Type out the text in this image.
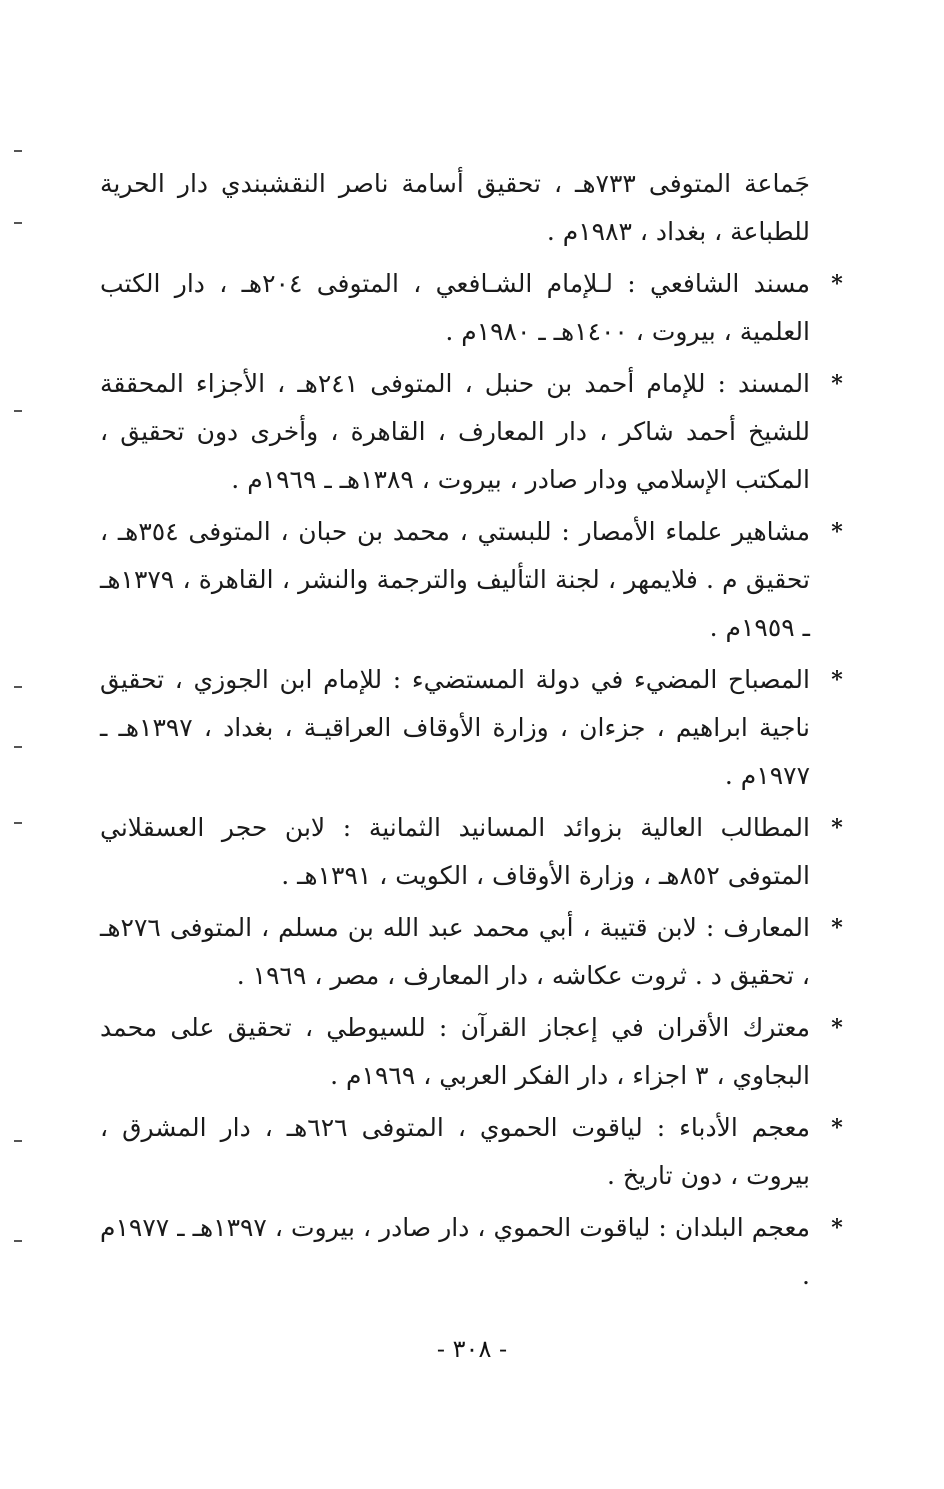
جَماعة المتوفى ٧٣٣هـ ، تحقيق أسامة ناصر النقشبندي دار الحرية للطباعة ، بغداد ، ١٩٨٣م .
*
مسند الشافعي : لـلإمام الشـافعي ، المتوفى ٢٠٤هـ ، دار الكتب العلمية ، بيروت ، ١٤٠٠هـ ـ ١٩٨٠م .
*
المسند : للإمام أحمد بن حنبل ، المتوفى ٢٤١هـ ، الأجزاء المحققة للشيخ أحمد شاكر ، دار المعارف ، القاهرة ، وأخرى دون تحقيق ، المكتب الإسلامي ودار صادر ، بيروت ، ١٣٨٩هـ ـ ١٩٦٩م .
*
مشاهير علماء الأمصار : للبستي ، محمد بن حبان ، المتوفى ٣٥٤هـ ، تحقيق م . فلايمهر ، لجنة التأليف والترجمة والنشر ، القاهرة ، ١٣٧٩هـ ـ ١٩٥٩م .
*
المصباح المضيء في دولة المستضيء : للإمام ابن الجوزي ، تحقيق ناجية ابراهيم ، جزءان ، وزارة الأوقاف العراقيـة ، بغداد ، ١٣٩٧هـ ـ ١٩٧٧م .
*
المطالب العالية بزوائد المسانيد الثمانية : لابن حجر العسقلاني المتوفى ٨٥٢هـ ، وزارة الأوقاف ، الكويت ، ١٣٩١هـ .
*
المعارف : لابن قتيبة ، أبي محمد عبد الله بن مسلم ، المتوفى ٢٧٦هـ ، تحقيق د . ثروت عكاشه ، دار المعارف ، مصر ، ١٩٦٩ .
*
معترك الأقران في إعجاز القرآن : للسيوطي ، تحقيق على محمد البجاوي ، ٣ اجزاء ، دار الفكر العربي ، ١٩٦٩م .
*
معجم الأدباء : لياقوت الحموي ، المتوفى ٦٢٦هـ ، دار المشرق ، بيروت ، دون تاريخ .
*
معجم البلدان : لياقوت الحموي ، دار صادر ، بيروت ، ١٣٩٧هـ ـ ١٩٧٧م .
- ٣٠٨ -
